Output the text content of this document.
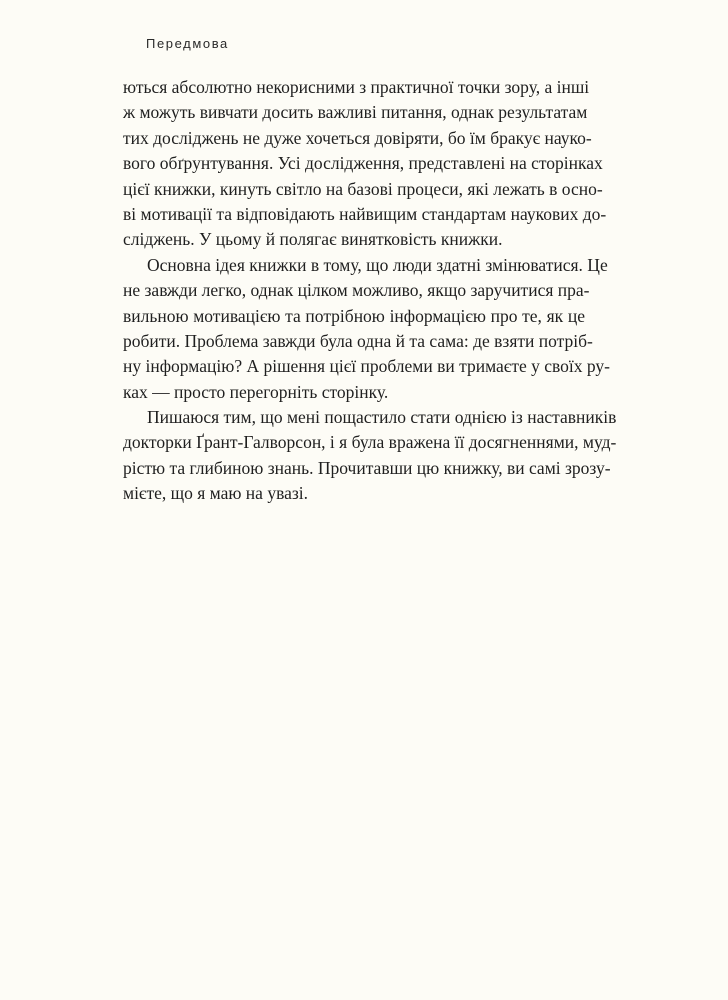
Передмова
ються абсолютно некорисними з практичної точки зору, а інші
ж можуть вивчати досить важливі питання, однак результатам
тих досліджень не дуже хочеться довіряти, бо їм бракує науко-
вого обґрунтування. Усі дослідження, представлені на сторінках
цієї книжки, кинуть світло на базові процеси, які лежать в осно-
ві мотивації та відповідають найвищим стандартам наукових до-
сліджень. У цьому й полягає винятковість книжки.
Основна ідея книжки в тому, що люди здатні змінюватися. Це
не завжди легко, однак цілком можливо, якщо заручитися пра-
вильною мотивацією та потрібною інформацією про те, як це
робити. Проблема завжди була одна й та сама: де взяти потріб-
ну інформацію? А рішення цієї проблеми ви тримаєте у своїх ру-
ках — просто перегорніть сторінку.
Пишаюся тим, що мені пощастило стати однією із наставників
докторки Ґрант-Галворсон, і я була вражена її досягненнями, муд-
рістю та глибиною знань. Прочитавши цю книжку, ви самі зрозу-
мієте, що я маю на увазі.
